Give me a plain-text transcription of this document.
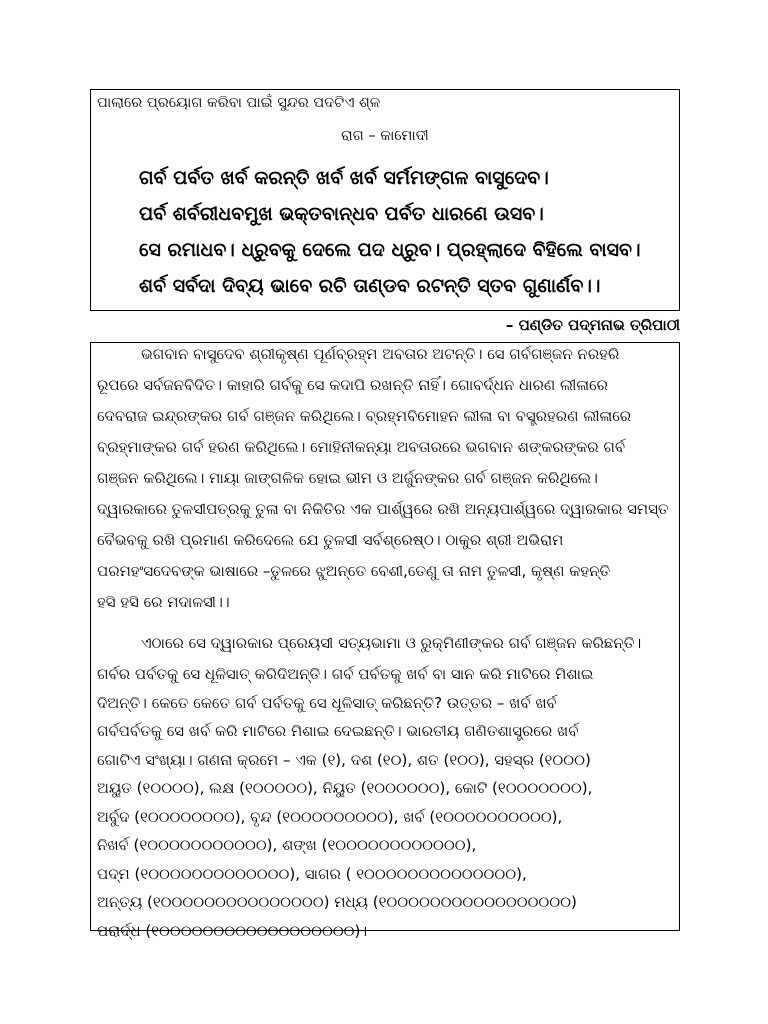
ପାଲାରେ ପ୍ରୟୋଗ କରିବା ପାଇଁ ସୁନ୍ଦର ପଦଟିଏ ଶ୍ଳ
ରାଗ – କାମୋଦୀ
ଗର୍ବ ପର୍ବତ ଖର୍ବ କରନ୍ତି ଖର୍ବ ଖର୍ବ ସର୍ମମଙ୍ଗଳ ବାସୁଦେବ।
ପର୍ବ ଶର୍ବରୀଧବମୁଖ ଭକ୍ତବାନ୍ଧବ ପର୍ବତ ଧାରଣେ ଉସବ।
ସେ ରମାଧବ। ଧ୍ରୁବକୁ ଦେଲେ ପଦ ଧ୍ରୁବ। ପ୍ରହ୍ଲାଦେ ବିହିଲେ ବାସବ।
ଶର୍ବ ସର୍ବଦା ଦିବ୍ୟ ଭାବେ ରଚି ତାଣ୍ଡବ ରଟନ୍ତି ସ୍ତବ ଗୁଣାର୍ଣବ।।
– ପଣ୍ଡିତ ପଦ୍ମନାଭ ତ୍ରିପାଠୀ
ଭଗବାନ ବାସୁଦେବ ଶ୍ରୀକୃଷ୍ଣ ପୂର୍ଣବ୍ରହ୍ମ ଅବତାର ଅଟନ୍ତି। ସେ ଗର୍ବଗଞ୍ଜନ ନରହରି
ରୂପରେ ସର୍ବଜନବିଦିତ। କାହାରି ଗର୍ବକୁ ସେ କଦାପି ରଖନ୍ତି ନାହିଁ। ଗୋବର୍ଦ୍ଧନ ଧାରଣ ଲୀଳାରେ
ଦେବରାଜ ଇନ୍ଦ୍ରଙ୍କର ଗର୍ବ ଗଞ୍ଜନ କରିଥିଲେ। ବ୍ରହ୍ମବିମୋହନ ଲୀଳା ବା ବସ୍ତ୍ରହରଣ ଲୀଳାରେ
ବ୍ରହ୍ମାଙ୍କର ଗର୍ବ ହରଣ କରିଥିଲେ। ମୋହିନୀକନ୍ୟା ଅବତାରରେ ଭଗବାନ ଶଙ୍କରଙ୍କର ଗର୍ବ
ଗଞ୍ଜନ କରିଥିଲେ। ମାୟା ଜାଙ୍ଗଳିକ ହୋଇ ଭୀମ ଓ ଅର୍ଜୁନଙ୍କର ଗର୍ବ ଗଞ୍ଜନ କରିଥିଲେ।
ଦ୍ୱାରକାରେ ତୁଳସୀପତ୍ରକୁ ତୁଳା ବା ନିକିତିର ଏକ ପାର୍ଶ୍ୱରେ ରଖି ଅନ୍ୟପାର୍ଶ୍ୱରେ ଦ୍ୱାରକାର ସମସ୍ତ
ବୈଭବକୁ ରଖି ପ୍ରମାଣ କରିଦେଲେ ଯେ ତୁଳସୀ ସର୍ବଶ୍ରେଷ୍ଠ। ଠାକୁର ଶ୍ରୀ ଅଭିରାମ
ପରମହଂସଦେବଙ୍କ ଭାଷାରେ –ତୁଳରେ ଝୁଅନ୍ତେ ବେଶୀ,ତେଣୁ ତା ନାମ ତୁଳସୀ, କୃଷ୍ଣ କହନ୍ତି
ହସି ହସି ରେ ମଦାଳସୀ।।
ଏଠାରେ ସେ ଦ୍ୱାରକାର ପ୍ରେୟସୀ ସତ୍ୟଭାମା ଓ ରୁକ୍ମିଣୀଙ୍କର ଗର୍ବ ଗଞ୍ଜନ କରିଛନ୍ତି।
ଗର୍ବର ପର୍ବତକୁ ସେ ଧୂଳିସାତ୍ କରିଦିଅନ୍ତି। ଗର୍ବ ପର୍ବତକୁ ଖର୍ବ ବା ସାନ କରି ମାଟିରେ ମିଶାଇ
ଦିଅନ୍ତି। କେତେ କେତେ ଗର୍ବ ପର୍ବତକୁ ସେ ଧୂଳିସାତ୍ କରିଛନ୍ତି? ଉତ୍ତର – ଖର୍ବ ଖର୍ବ
ଗର୍ବପର୍ବତକୁ ସେ ଖର୍ବ କରି ମାଟିରେ ମିଶାଇ ଦେଇଛନ୍ତି। ଭାରତୀୟ ଗଣିତଶାସ୍ତ୍ରରେ ଖର୍ବ
ଗୋଟିଏ ସଂଖ୍ୟା। ଗଣନା କ୍ରମେ – ଏକ (୧), ଦଶ (୧୦), ଶତ (୧୦୦), ସହସ୍ର (୧୦୦୦)
ଅୟୁତ (୧୦୦୦୦), ଲକ୍ଷ (୧୦୦୦୦୦), ନିୟୁତ (୧୦୦୦୦୦୦), କୋଟି (୧୦୦୦୦୦୦୦),
ଅର୍ବୁଦ (୧୦୦୦୦୦୦୦୦), ବୃନ୍ଦ (୧୦୦୦୦୦୦୦୦୦), ଖର୍ବ (୧୦୦୦୦୦୦୦୦୦୦),
ନିଖର୍ବ (୧୦୦୦୦୦୦୦୦୦୦୦), ଶଙ୍ଖ (୧୦୦୦୦୦୦୦୦୦୦୦୦),
ପଦ୍ମ (୧୦୦୦୦୦୦୦୦୦୦୦୦୦), ସାଗର ( ୧୦୦୦୦୦୦୦୦୦୦୦୦୦୦),
ଅନ୍ତ୍ୟ (୧୦୦୦୦୦୦୦୦୦୦୦୦୦୦୦) ମଧ୍ୟ (୧୦୦୦୦୦୦୦୦୦୦୦୦୦୦୦୦୦)
ପରାର୍ଦ୍ଧ (୧୦୦୦୦୦୦୦୦୦୦୦୦୦୦୦୦୦୦)।
